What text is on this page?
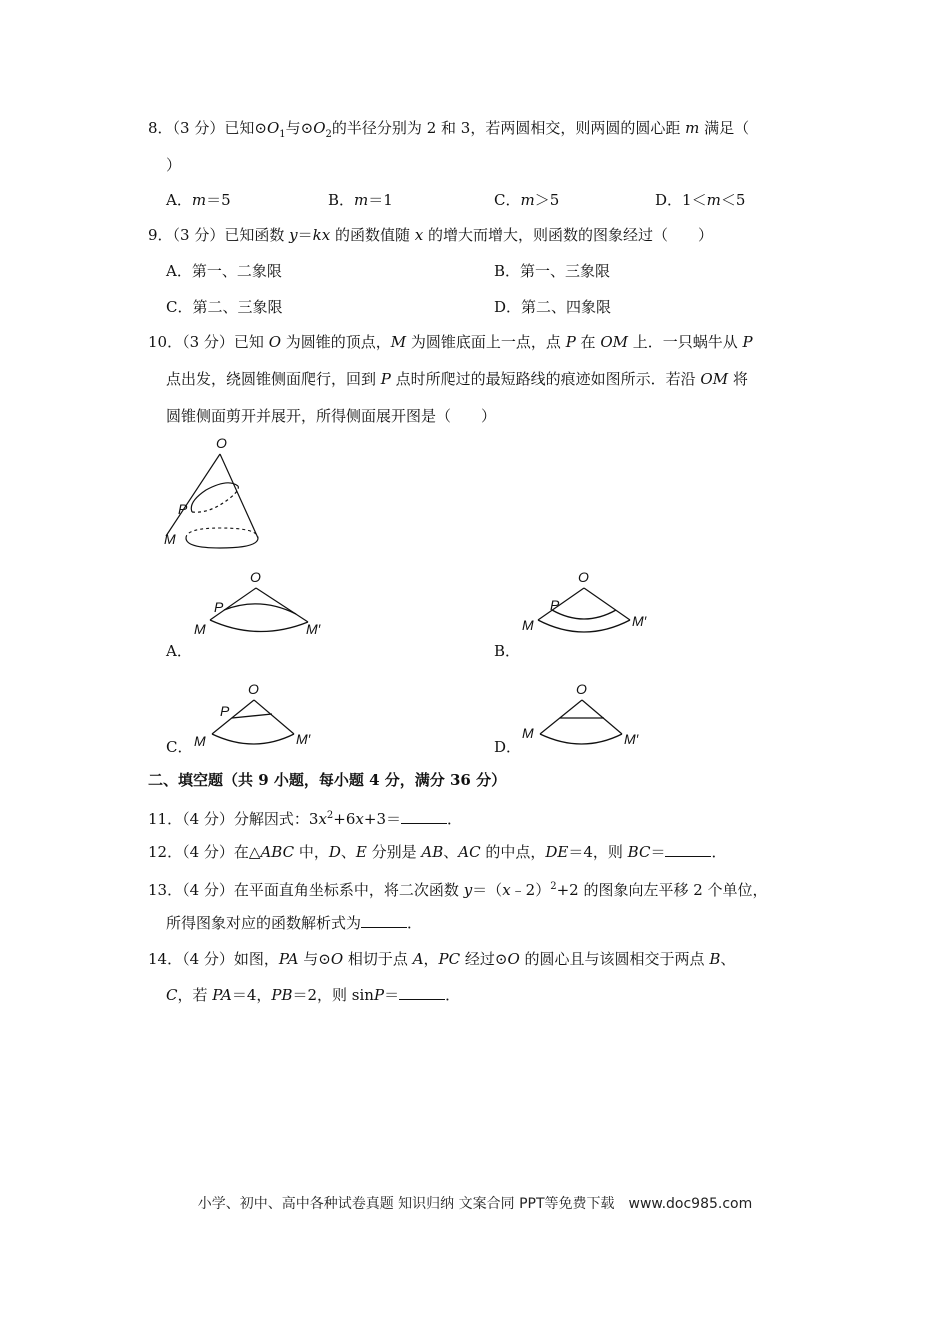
8．（3 分）已知$⊙O_1$与$⊙O_2$的半径分别为 2 和 3，若两圆相交，则两圆的圆心距 m 满足（
）
A．m＝5	B．m＝1	C．m＞5	D．1＜m＜5
9．（3 分）已知函数 y＝kx 的函数值随 x 的增大而增大，则函数的图象经过（　　）
A．第一、二象限	B．第一、三象限
C．第二、三象限	D．第二、四象限
10．（3 分）已知 O 为圆锥的顶点，M 为圆锥底面上一点，点 P 在 OM 上．一只蜗牛从 P
点出发，绕圆锥侧面爬行，回到 P 点时所爬过的最短路线的痕迹如图所示．若沿 OM 将
圆锥侧面剪开并展开，所得侧面展开图是（　　）
O
P
M
O
P
M	M′
A．
O
P
M	M′
B．
O
P
M	M′
C．
O
M	M′
D．
二、填空题（共 9 小题，每小题 4 分，满分 36 分）
11．（4 分）分解因式：$3x^2+6x+3=$	．
12．（4 分）在△ABC 中，D、E 分别是 AB、AC 的中点，DE＝4，则 BC＝	．
13．（4 分）在平面直角坐标系中，将二次函数 y＝（x﹣2）$^2$+2 的图象向左平移 2 个单位，
所得图象对应的函数解析式为	．
14．（4 分）如图，PA 与⊙O 相切于点 A，PC 经过⊙O 的圆心且与该圆相交于两点 B、
C，若 PA＝4，PB＝2，则 sinP＝	．
小学、初中、高中各种试卷真题 知识归纳 文案合同 PPT等免费下载　www.doc985.com
